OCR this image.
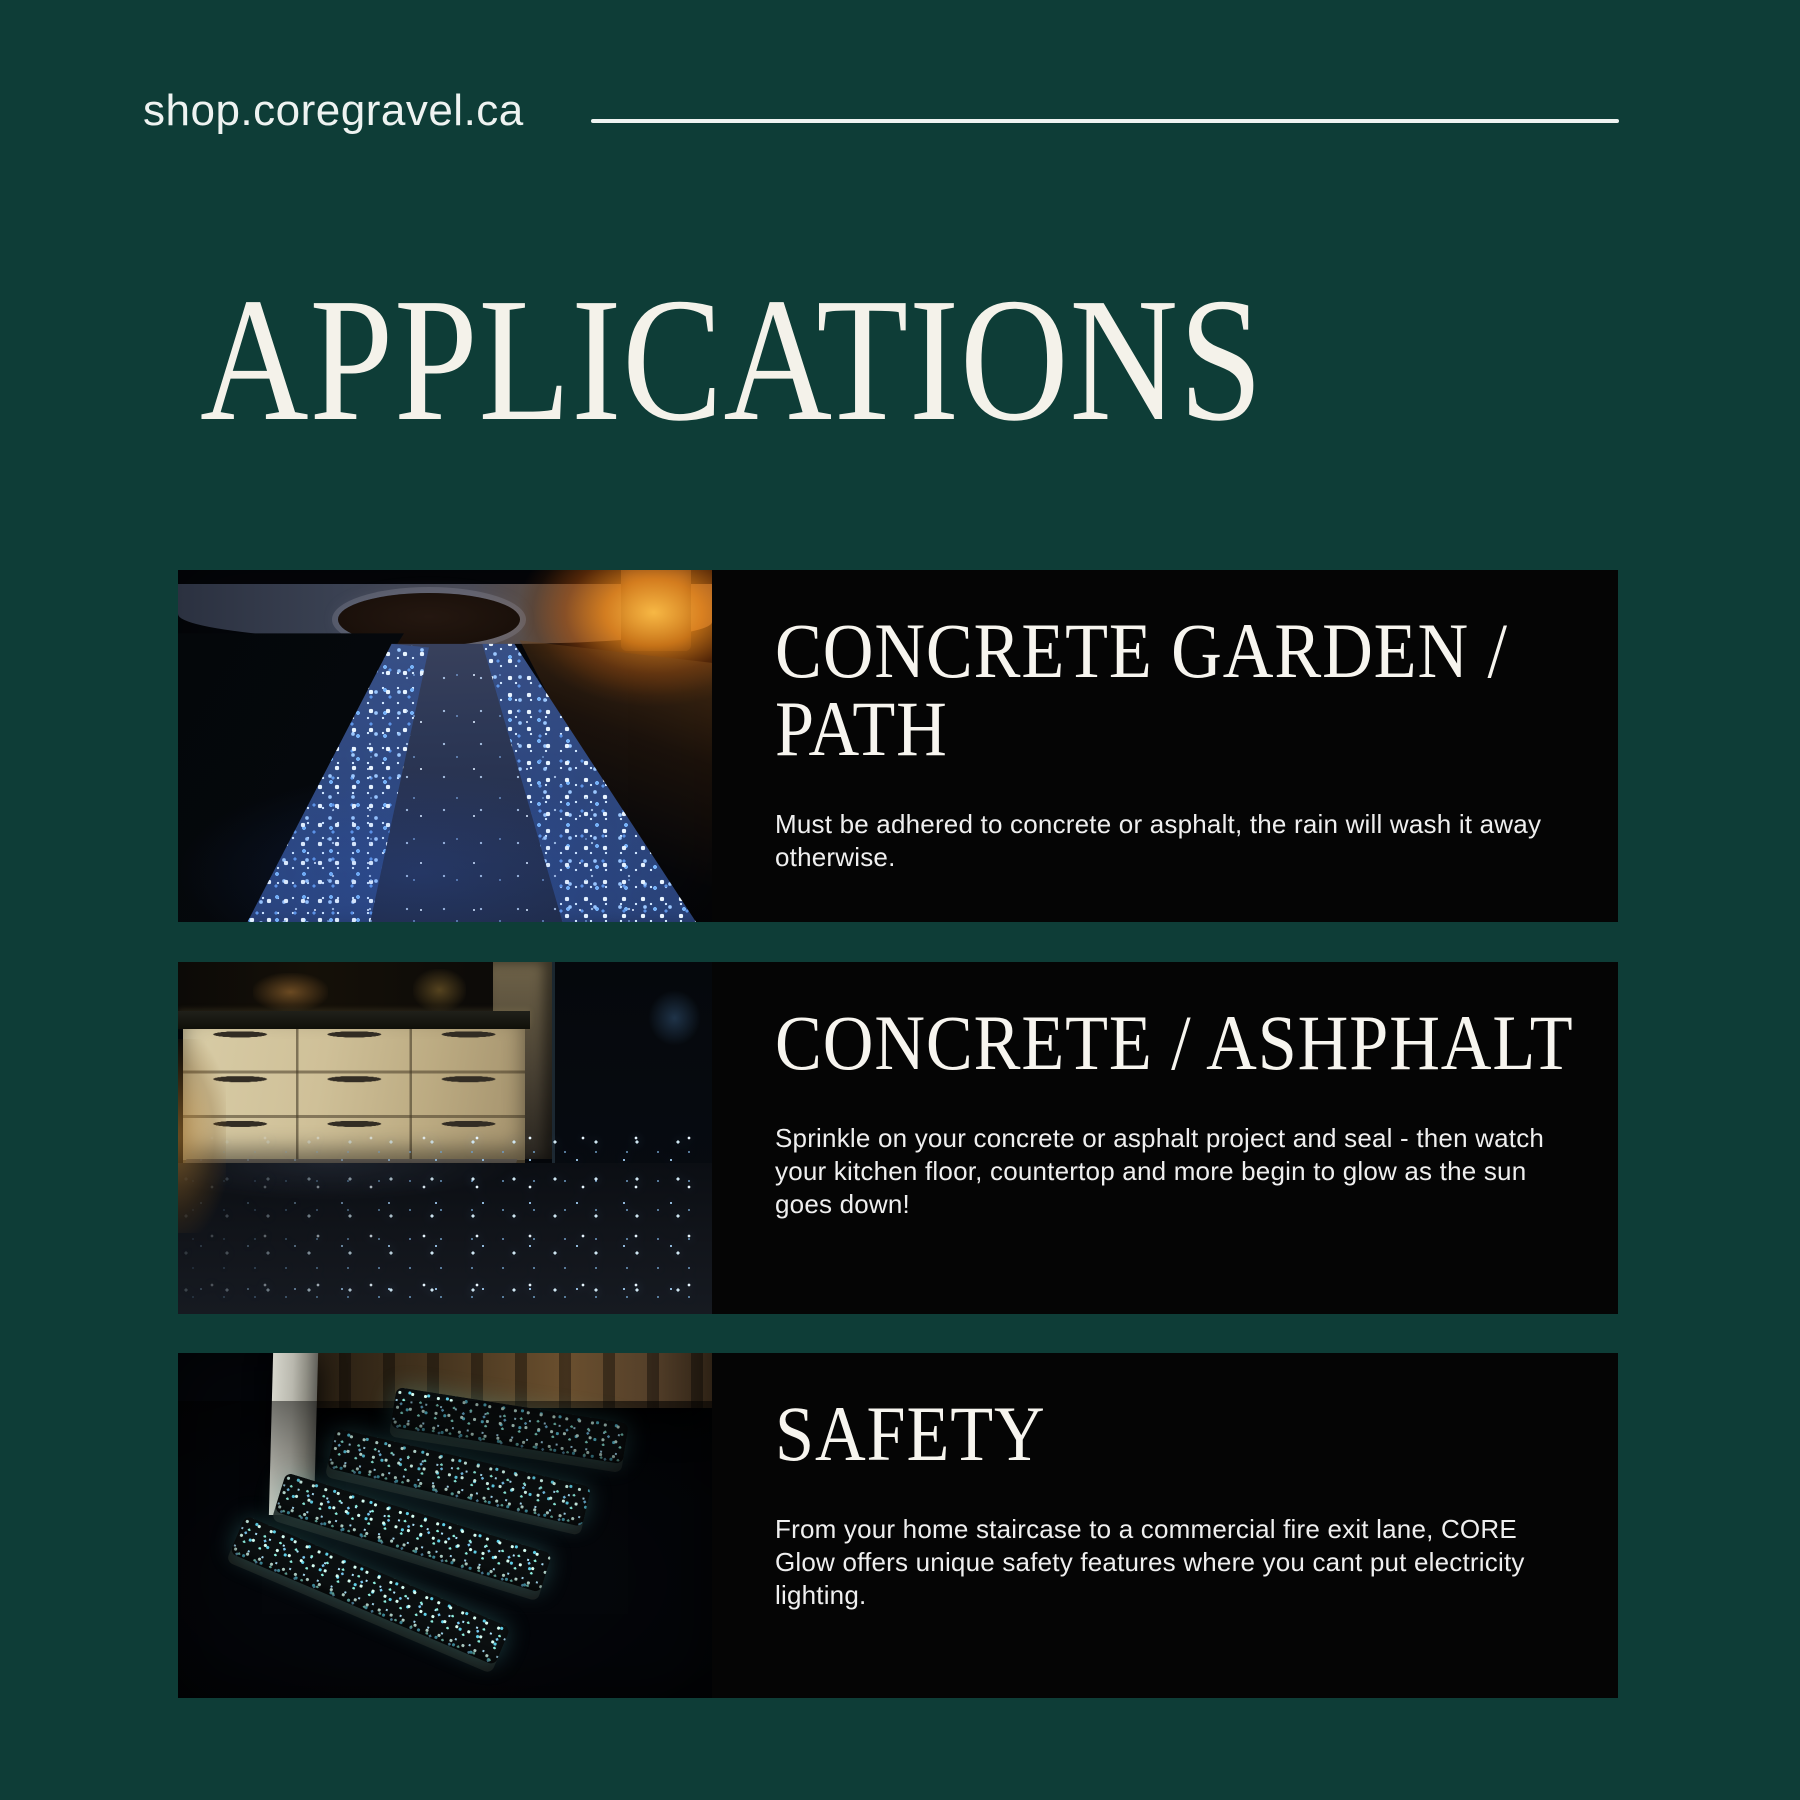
shop.coregravel.ca
APPLICATIONS
CONCRETE GARDEN /
PATH
Must be adhered to concrete or asphalt, the rain will wash it away
otherwise.
CONCRETE / ASHPHALT
Sprinkle on your concrete or asphalt project and seal - then watch
your kitchen floor, countertop and more begin to glow as the sun
goes down!
SAFETY
From your home staircase to a commercial fire exit lane, CORE
Glow offers unique safety features where you cant put electricity
lighting.
